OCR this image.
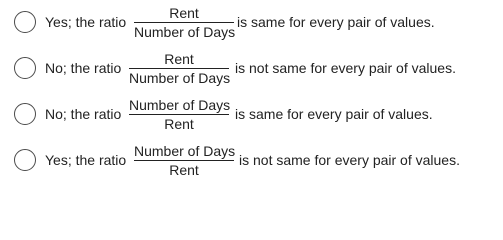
Yes; the ratio
Rent
Number of Days
is same for every pair of values.
No; the ratio
Rent
Number of Days
is not same for every pair of values.
No; the ratio
Number of Days
Rent
is same for every pair of values.
Yes; the ratio
Number of Days
Rent
is not same for every pair of values.
